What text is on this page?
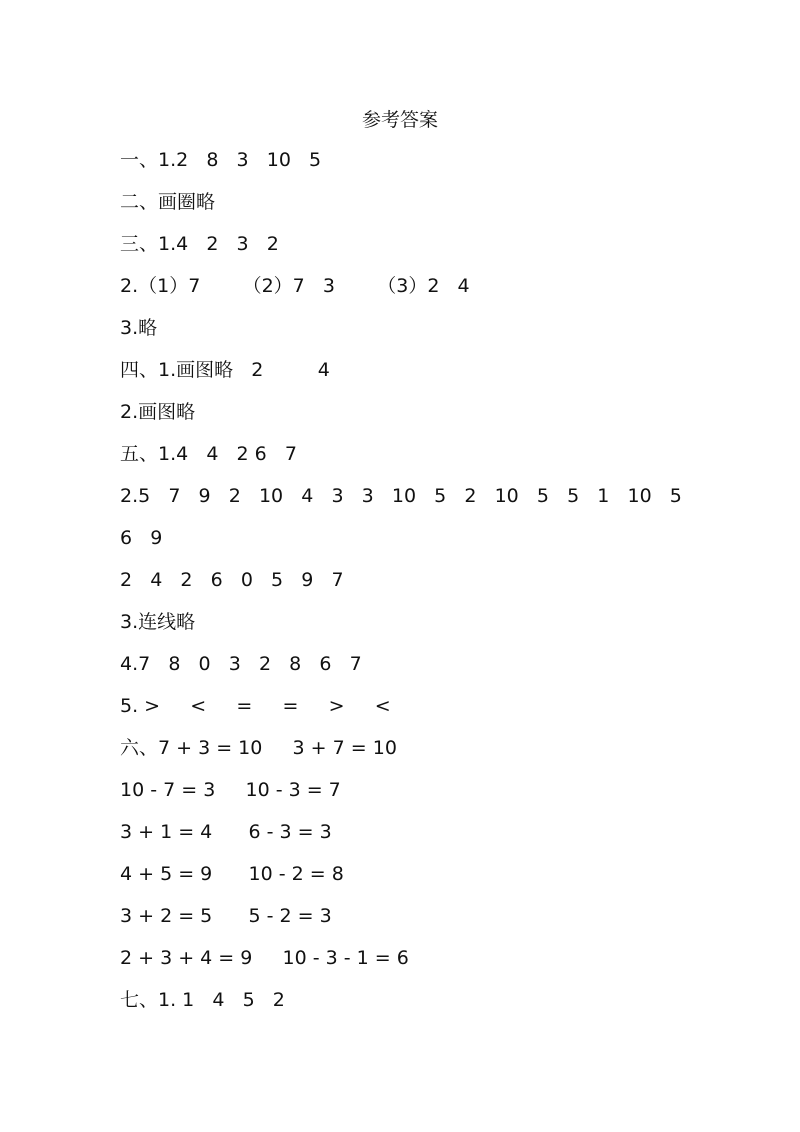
参考答案
一、1.2   8   3   10   5
二、画圈略
三、1.4   2   3   2
2.（1）7       （2）7   3       （3）2   4
3.略
四、1.画图略   2         4
2.画图略
五、1.4   4   2 6   7
2.5   7   9   2   10   4   3   3   10   5   2   10   5   5   1   10   5
6   9
2   4   2   6   0   5   9   7
3.连线略
4.7   8   0   3   2   8   6   7
5. >     <     =     =     >     <
六、7 + 3 = 10     3 + 7 = 10
10 - 7 = 3     10 - 3 = 7
3 + 1 = 4      6 - 3 = 3
4 + 5 = 9      10 - 2 = 8
3 + 2 = 5      5 - 2 = 3
2 + 3 + 4 = 9     10 - 3 - 1 = 6
七、1. 1   4   5   2
